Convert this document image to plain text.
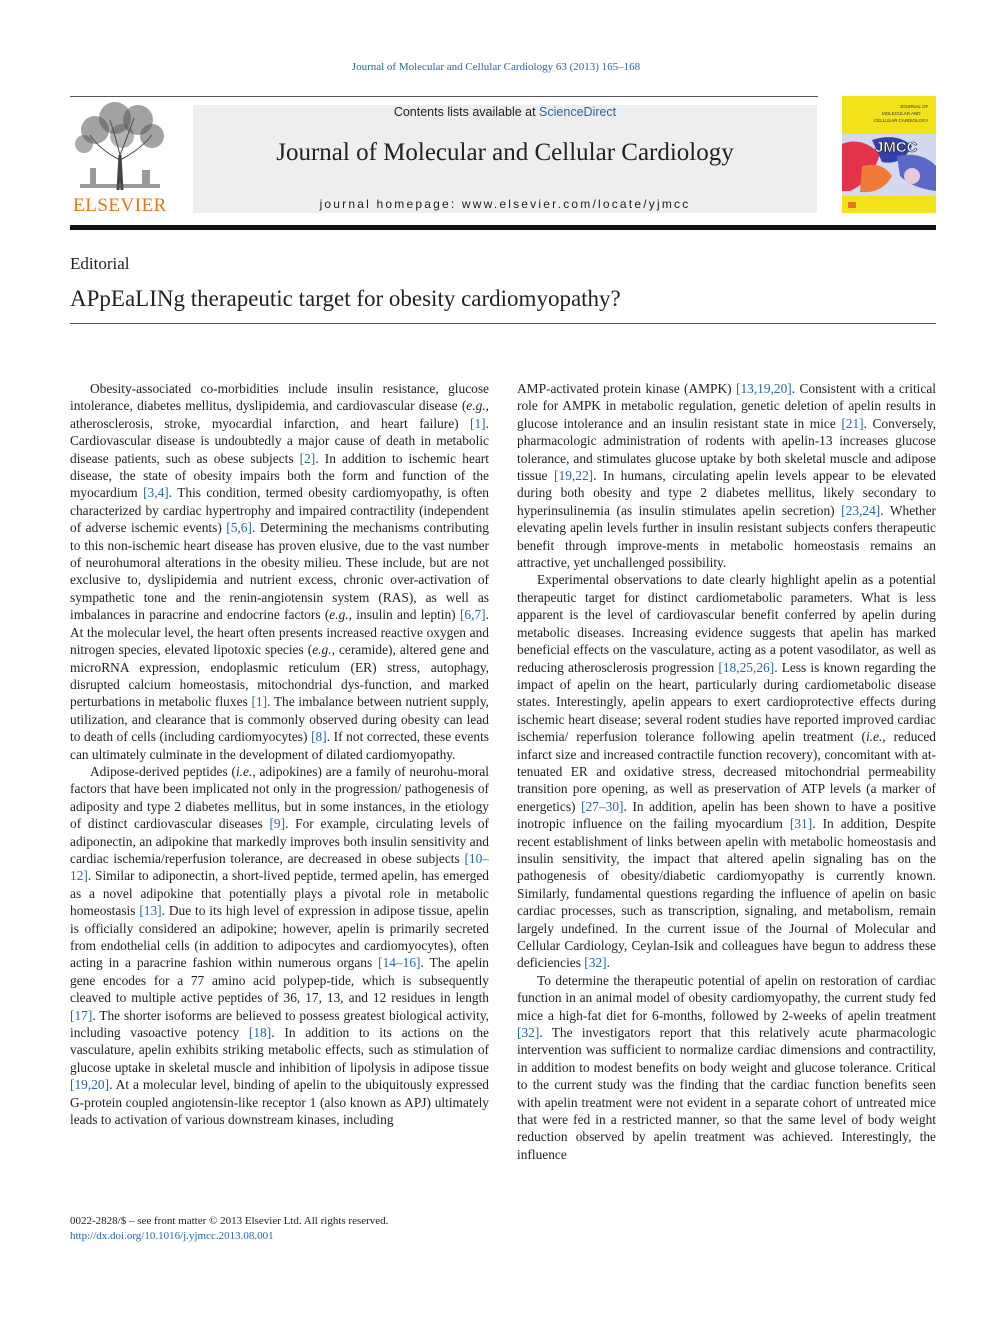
Journal of Molecular and Cellular Cardiology 63 (2013) 165–168
ELSEVIER
Contents lists available at ScienceDirect
Journal of Molecular and Cellular Cardiology
journal homepage: www.elsevier.com/locate/yjmcc
JOURNAL OF
MOLECULAR AND
CELLULAR CARDIOLOGY
JMCC
Editorial
APpEaLINg therapeutic target for obesity cardiomyopathy?

Obesity-associated co-morbidities include insulin resistance, glucose intolerance, diabetes mellitus, dyslipidemia, and cardiovascular disease (e.g., atherosclerosis, stroke, myocardial infarction, and heart failure) [1]. Cardiovascular disease is undoubtedly a major cause of death in metabolic disease patients, such as obese subjects [2]. In addition to ischemic heart disease, the state of obesity impairs both the form and function of the myocardium [3,4]. This condition, termed obesity cardiomyopathy, is often characterized by cardiac hypertrophy and impaired contractility (independent of adverse ischemic events) [5,6]. Determining the mechanisms contributing to this non-ischemic heart disease has proven elusive, due to the vast number of neurohumoral alterations in the obesity milieu. These include, but are not exclusive to, dyslipidemia and nutrient excess, chronic over-activation of sympathetic tone and the renin-angiotensin system (RAS), as well as imbalances in paracrine and endocrine factors (e.g., insulin and leptin) [6,7]. At the molecular level, the heart often presents increased reactive oxygen and nitrogen species, elevated lipotoxic species (e.g., ceramide), altered gene and microRNA expression, endoplasmic reticulum (ER) stress, autophagy, disrupted calcium homeostasis, mitochondrial dys-function, and marked perturbations in metabolic fluxes [1]. The imbalance between nutrient supply, utilization, and clearance that is commonly observed during obesity can lead to death of cells (including cardiomyocytes) [8]. If not corrected, these events can ultimately culminate in the development of dilated cardiomyopathy.

Adipose-derived peptides (i.e., adipokines) are a family of neurohu-moral factors that have been implicated not only in the progression/ pathogenesis of adiposity and type 2 diabetes mellitus, but in some instances, in the etiology of distinct cardiovascular diseases [9]. For example, circulating levels of adiponectin, an adipokine that markedly improves both insulin sensitivity and cardiac ischemia/reperfusion tolerance, are decreased in obese subjects [10–12]. Similar to adiponectin, a short-lived peptide, termed apelin, has emerged as a novel adipokine that potentially plays a pivotal role in metabolic homeostasis [13]. Due to its high level of expression in adipose tissue, apelin is officially considered an adipokine; however, apelin is primarily secreted from endothelial cells (in addition to adipocytes and cardiomyocytes), often acting in a paracrine fashion within numerous organs [14–16]. The apelin gene encodes for a 77 amino acid polypep-tide, which is subsequently cleaved to multiple active peptides of 36, 17, 13, and 12 residues in length [17]. The shorter isoforms are believed to possess greatest biological activity, including vasoactive potency [18]. In addition to its actions on the vasculature, apelin exhibits striking metabolic effects, such as stimulation of glucose uptake in skeletal muscle and inhibition of lipolysis in adipose tissue [19,20]. At a molecular level, binding of apelin to the ubiquitously expressed G-protein coupled angiotensin-like receptor 1 (also known as APJ) ultimately leads to activation of various downstream kinases, including

AMP-activated protein kinase (AMPK) [13,19,20]. Consistent with a critical role for AMPK in metabolic regulation, genetic deletion of apelin results in glucose intolerance and an insulin resistant state in mice [21]. Conversely, pharmacologic administration of rodents with apelin-13 increases glucose tolerance, and stimulates glucose uptake by both skeletal muscle and adipose tissue [19,22]. In humans, circulating apelin levels appear to be elevated during both obesity and type 2 diabetes mellitus, likely secondary to hyperinsulinemia (as insulin stimulates apelin secretion) [23,24]. Whether elevating apelin levels further in insulin resistant subjects confers therapeutic benefit through improve-ments in metabolic homeostasis remains an attractive, yet unchallenged possibility.

Experimental observations to date clearly highlight apelin as a potential therapeutic target for distinct cardiometabolic parameters. What is less apparent is the level of cardiovascular benefit conferred by apelin during metabolic diseases. Increasing evidence suggests that apelin has marked beneficial effects on the vasculature, acting as a potent vasodilator, as well as reducing atherosclerosis progression [18,25,26]. Less is known regarding the impact of apelin on the heart, particularly during cardiometabolic disease states. Interestingly, apelin appears to exert cardioprotective effects during ischemic heart disease; several rodent studies have reported improved cardiac ischemia/ reperfusion tolerance following apelin treatment (i.e., reduced infarct size and increased contractile function recovery), concomitant with at-tenuated ER and oxidative stress, decreased mitochondrial permeability transition pore opening, as well as preservation of ATP levels (a marker of energetics) [27–30]. In addition, apelin has been shown to have a positive inotropic influence on the failing myocardium [31]. In addition, Despite recent establishment of links between apelin with metabolic homeostasis and insulin sensitivity, the impact that altered apelin signaling has on the pathogenesis of obesity/diabetic cardiomyopathy is currently known. Similarly, fundamental questions regarding the influence of apelin on basic cardiac processes, such as transcription, signaling, and metabolism, remain largely undefined. In the current issue of the Journal of Molecular and Cellular Cardiology, Ceylan-Isik and colleagues have begun to address these deficiencies [32].

To determine the therapeutic potential of apelin on restoration of cardiac function in an animal model of obesity cardiomyopathy, the current study fed mice a high-fat diet for 6-months, followed by 2-weeks of apelin treatment [32]. The investigators report that this relatively acute pharmacologic intervention was sufficient to normalize cardiac dimensions and contractility, in addition to modest benefits on body weight and glucose tolerance. Critical to the current study was the finding that the cardiac function benefits seen with apelin treatment were not evident in a separate cohort of untreated mice that were fed in a restricted manner, so that the same level of body weight reduction observed by apelin treatment was achieved. Interestingly, the influence

0022-2828/$ – see front matter © 2013 Elsevier Ltd. All rights reserved.
http://dx.doi.org/10.1016/j.yjmcc.2013.08.001
